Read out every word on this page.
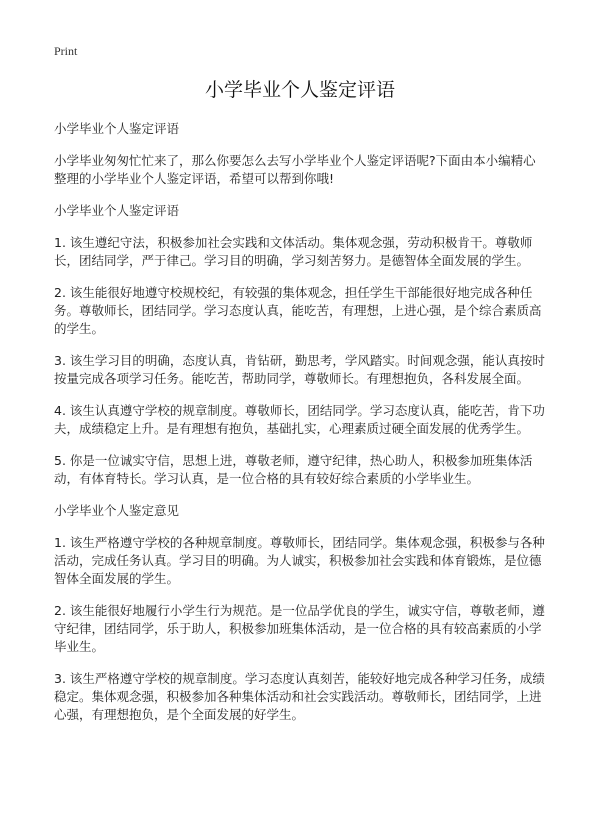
Print

小学毕业个人鉴定评语

小学毕业个人鉴定评语

小学毕业匆匆忙忙来了，那么你要怎么去写小学毕业个人鉴定评语呢?下面由本小编精心整理的小学毕业个人鉴定评语，希望可以帮到你哦!

小学毕业个人鉴定评语

1. 该生遵纪守法，积极参加社会实践和文体活动。集体观念强，劳动积极肯干。尊敬师长，团结同学，严于律己。学习目的明确，学习刻苦努力。是德智体全面发展的学生。

2. 该生能很好地遵守校规校纪，有较强的集体观念，担任学生干部能很好地完成各种任务。尊敬师长，团结同学。学习态度认真，能吃苦，有理想，上进心强，是个综合素质高的学生。

3. 该生学习目的明确，态度认真，肯钻研，勤思考，学风踏实。时间观念强，能认真按时按量完成各项学习任务。能吃苦，帮助同学，尊敬师长。有理想抱负，各科发展全面。

4. 该生认真遵守学校的规章制度。尊敬师长，团结同学。学习态度认真，能吃苦，肯下功夫，成绩稳定上升。是有理想有抱负，基础扎实，心理素质过硬全面发展的优秀学生。

5. 你是一位诚实守信，思想上进，尊敬老师，遵守纪律，热心助人，积极参加班集体活动，有体育特长。学习认真，是一位合格的具有较好综合素质的小学毕业生。

小学毕业个人鉴定意见

1. 该生严格遵守学校的各种规章制度。尊敬师长，团结同学。集体观念强，积极参与各种活动，完成任务认真。学习目的明确。为人诚实，积极参加社会实践和体育锻炼，是位德智体全面发展的学生。

2. 该生能很好地履行小学生行为规范。是一位品学优良的学生，诚实守信，尊敬老师，遵守纪律，团结同学，乐于助人，积极参加班集体活动，是一位合格的具有较高素质的小学毕业生。

3. 该生严格遵守学校的规章制度。学习态度认真刻苦，能较好地完成各种学习任务，成绩稳定。集体观念强，积极参加各种集体活动和社会实践活动。尊敬师长，团结同学，上进心强，有理想抱负，是个全面发展的好学生。
